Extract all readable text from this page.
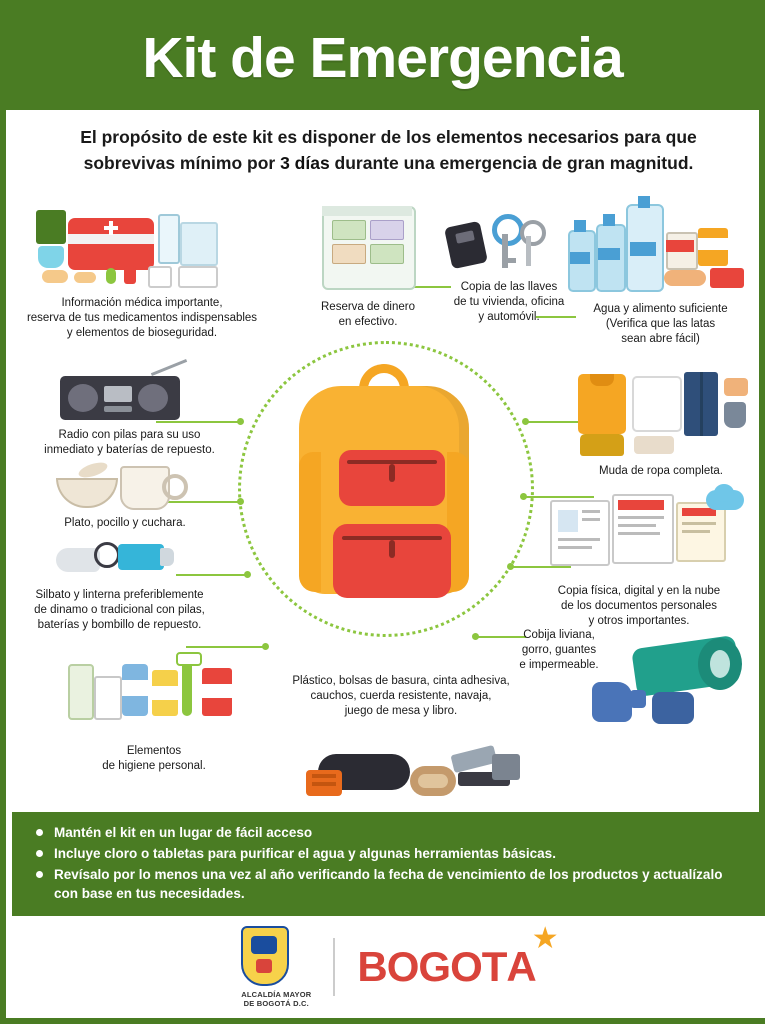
Kit de Emergencia
El propósito de este kit es disponer de los elementos necesarios para que
sobrevivas mínimo por 3 días durante una emergencia de gran magnitud.
Información médica importante,
reserva de tus medicamentos indispensables
y elementos de bioseguridad.
Reserva de dinero
en efectivo.
Copia de las llaves
de tu vivienda, oficina
y automóvil.
Agua y alimento suficiente
(Verifica que las latas
sean abre fácil)
Radio con pilas para su uso
inmediato y baterías de repuesto.
Plato, pocillo y cuchara.
Silbato y linterna preferiblemente
de dinamo o tradicional con pilas,
baterías y bombillo de repuesto.
Elementos
de higiene personal.
Muda de ropa completa.
Copia física, digital y en la nube
de los documentos personales
y otros importantes.
Cobija liviana,
gorro, guantes
e impermeable.
Plástico, bolsas de basura, cinta adhesiva,
cauchos, cuerda resistente, navaja,
juego de mesa y libro.
Mantén el kit en un lugar de fácil acceso
Incluye cloro o tabletas para purificar el agua y algunas herramientas básicas.
Revísalo por lo menos una vez al año verificando la fecha de vencimiento de los productos y actualízalo con base en tus necesidades.
ALCALDÍA MAYOR
DE BOGOTÁ D.C.
BOGOT A
★
